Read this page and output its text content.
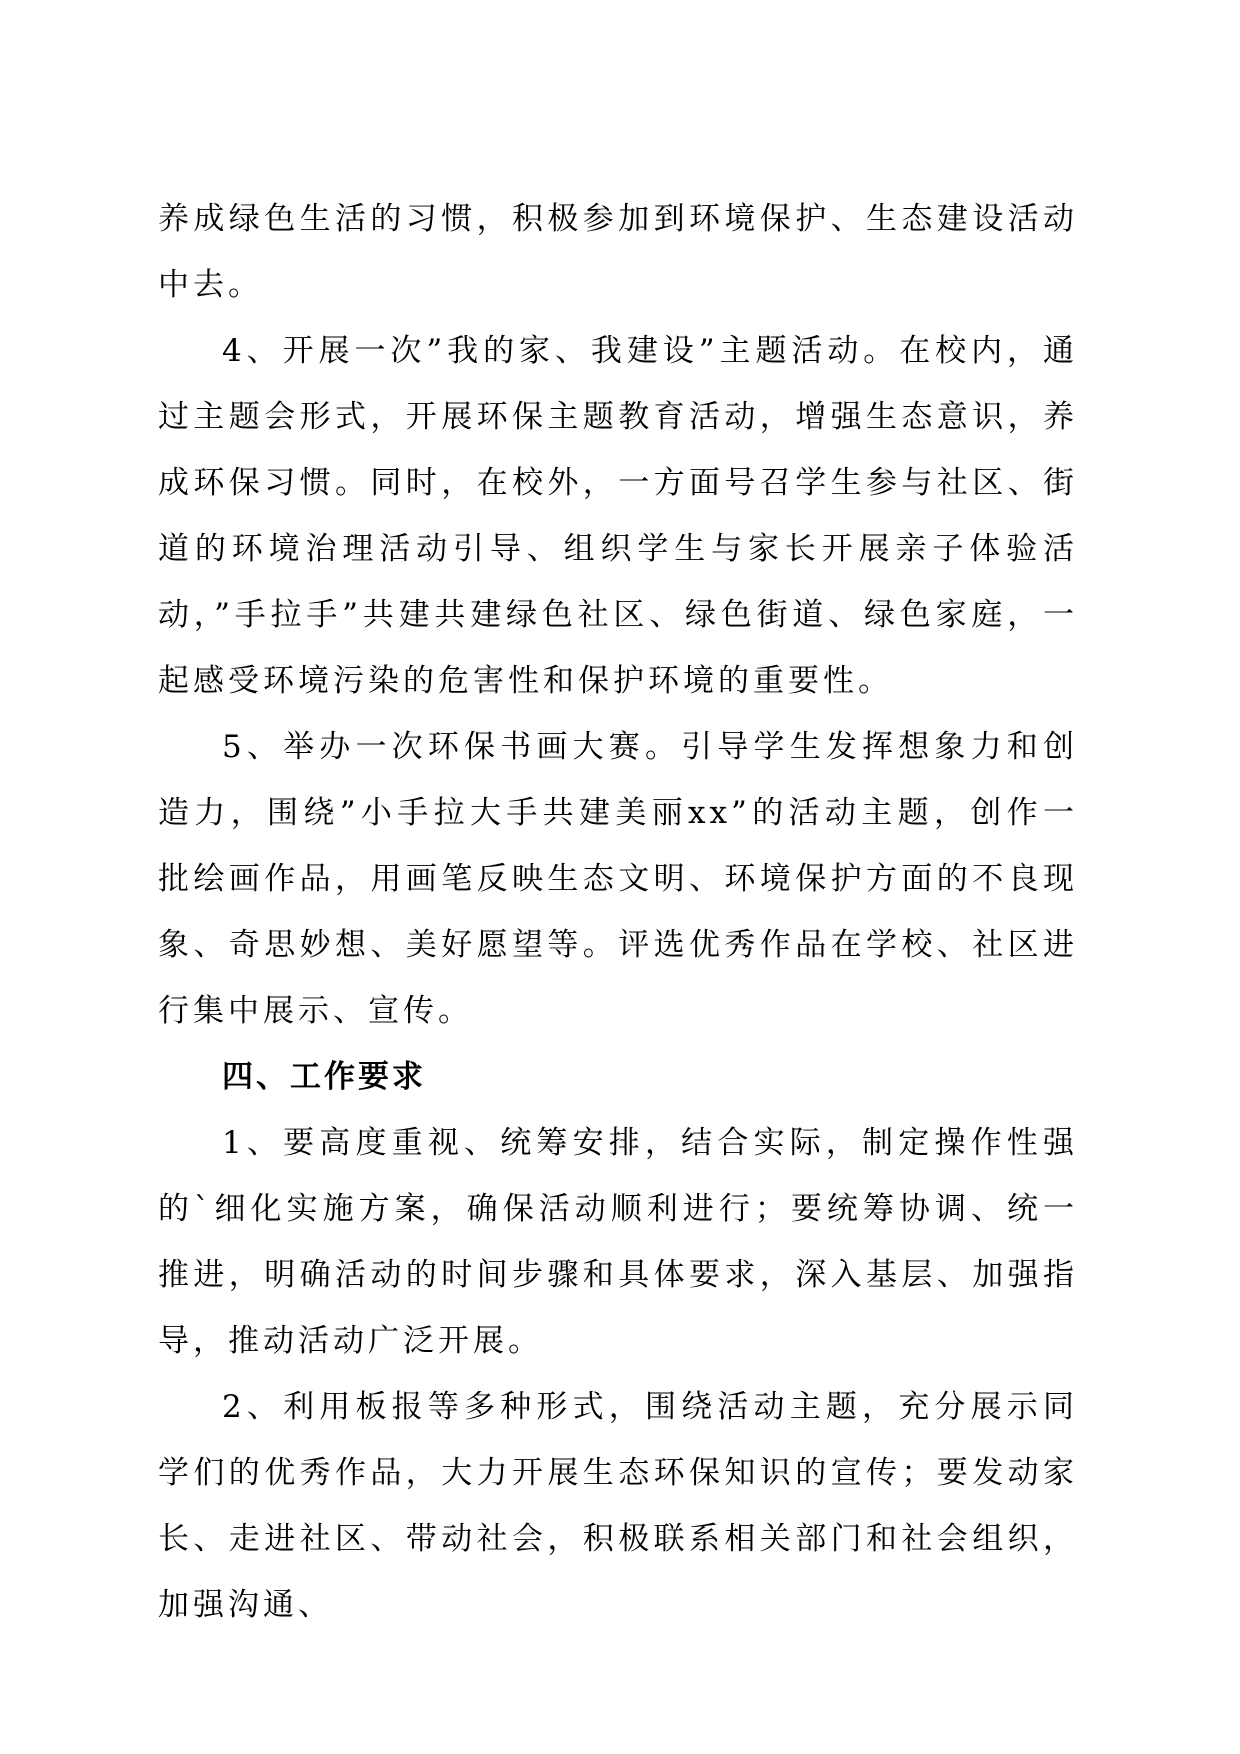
养成绿色生活的习惯，积极参加到环境保护、生态建设活动中去。

4、开展一次”我的家、我建设”主题活动。在校内，通过主题会形式，开展环保主题教育活动，增强生态意识，养成环保习惯。同时，在校外，一方面号召学生参与社区、街道的环境治理活动引导、组织学生与家长开展亲子体验活动，”手拉手”共建共建绿色社区、绿色街道、绿色家庭，一起感受环境污染的危害性和保护环境的重要性。

5、举办一次环保书画大赛。引导学生发挥想象力和创造力，围绕”小手拉大手共建美丽xx”的活动主题，创作一批绘画作品，用画笔反映生态文明、环境保护方面的不良现象、奇思妙想、美好愿望等。评选优秀作品在学校、社区进行集中展示、宣传。

四、工作要求

1、要高度重视、统筹安排，结合实际，制定操作性强的`细化实施方案，确保活动顺利进行；要统筹协调、统一推进，明确活动的时间步骤和具体要求，深入基层、加强指导，推动活动广泛开展。

2、利用板报等多种形式，围绕活动主题，充分展示同学们的优秀作品，大力开展生态环保知识的宣传；要发动家长、走进社区、带动社会，积极联系相关部门和社会组织，加强沟通、
